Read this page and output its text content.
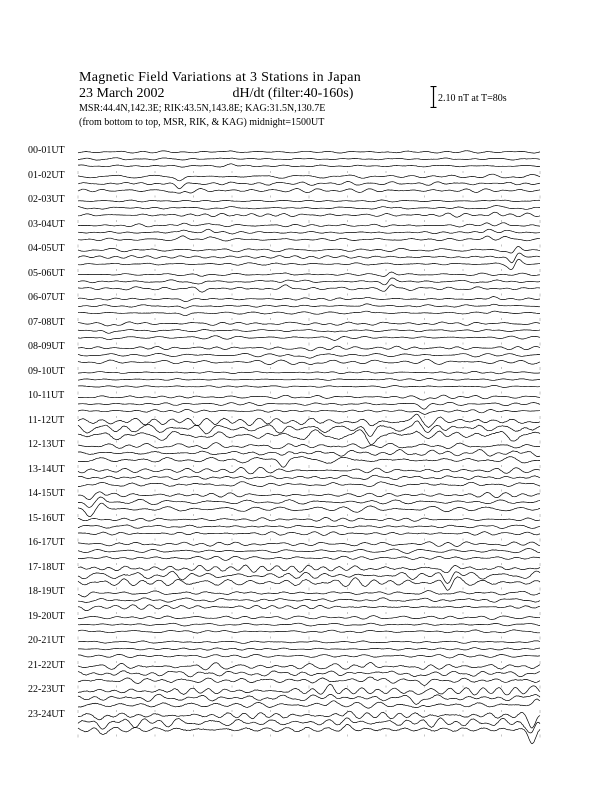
Magnetic Field Variations at 3 Stations in Japan
23 March 2002	dH/dt (filter:40-160s)
MSR:44.4N,142.3E; RIK:43.5N,143.8E; KAG:31.5N,130.7E
(from bottom to top, MSR, RIK, & KAG) midnight=1500UT
2.10 nT at T=80s
00-01UT
01-02UT
02-03UT
03-04UT
04-05UT
05-06UT
06-07UT
07-08UT
08-09UT
09-10UT
10-11UT
11-12UT
12-13UT
13-14UT
14-15UT
15-16UT
16-17UT
17-18UT
18-19UT
19-20UT
20-21UT
21-22UT
22-23UT
23-24UT
